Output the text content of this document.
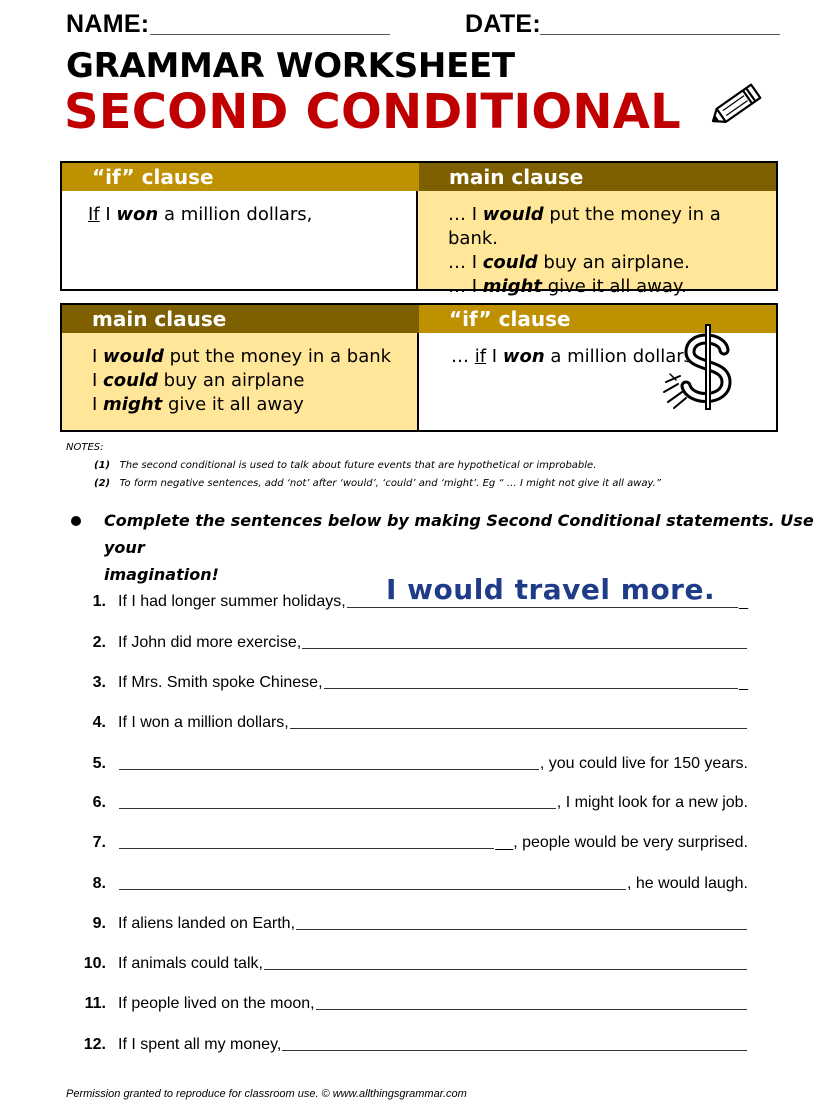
NAME:	DATE:
GRAMMAR WORKSHEET
SECOND CONDITIONAL
“if” clause	main clause
If I won a million dollars,	… I would put the money in a bank.
… I could buy an airplane.
… I might give it all away.
main clause	“if” clause
I would put the money in a bank
I could buy an airplane
I might give it all away
… if I won a million dollars.
NOTES:
(1) The second conditional is used to talk about future events that are hypothetical or improbable.
(2) To form negative sentences, add ‘not’ after ‘would’, ‘could’ and ‘might’. Eg “ … I might not give it all away.”
Complete the sentences below by making Second Conditional statements. Use your
imagination!
1. If I had longer summer holidays,	_
I would travel more.
2. If John did more exercise,
3. If Mrs. Smith spoke Chinese,	_
4. If I won a million dollars,
5.	, you could live for 150 years.
6.	, I might look for a new job.
7.	__, people would be very surprised.
8.	, he would laugh.
9. If aliens landed on Earth,
10. If animals could talk,
11. If people lived on the moon,
12. If I spent all my money,
Permission granted to reproduce for classroom use. © www.allthingsgrammar.com
